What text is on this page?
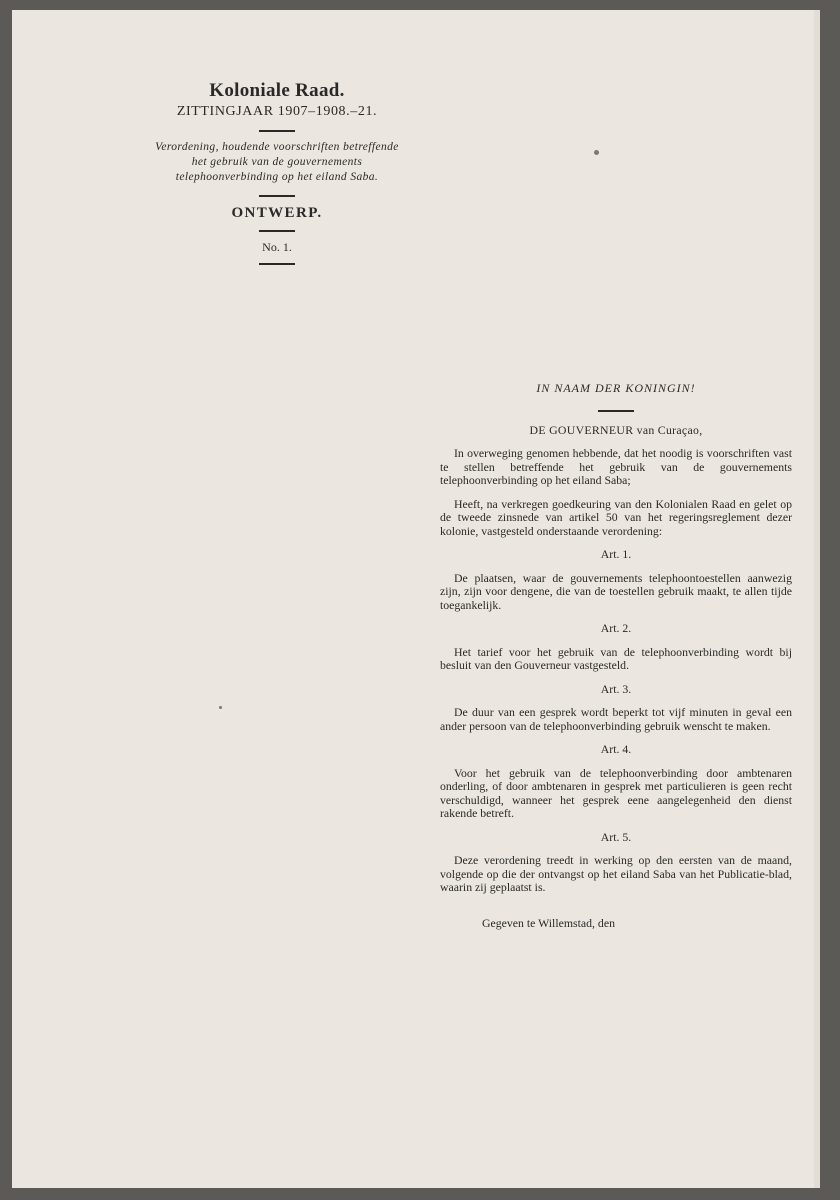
Koloniale Raad.
ZITTINGJAAR 1907–1908.–21.
Verordening, houdende voorschriften betreffende het gebruik van de gouvernements telephoonverbinding op het eiland Saba.
ONTWERP.
No. 1.
IN NAAM DER KONINGIN!
DE GOUVERNEUR van Curaçao,

In overweging genomen hebbende, dat het noodig is voorschriften vast te stellen betreffende het gebruik van de gouvernements telephoonverbinding op het eiland Saba;

Heeft, na verkregen goedkeuring van den Kolonialen Raad en gelet op de tweede zinsnede van artikel 50 van het regeringsreglement dezer kolonie, vastgesteld onderstaande verordening:

Art. 1.

De plaatsen, waar de gouvernements telephoontoestellen aanwezig zijn, zijn voor dengene, die van de toestellen gebruik maakt, te allen tijde toegankelijk.

Art. 2.

Het tarief voor het gebruik van de telephoonverbinding wordt bij besluit van den Gouverneur vastgesteld.

Art. 3.

De duur van een gesprek wordt beperkt tot vijf minuten in geval een ander persoon van de telephoonverbinding gebruik wenscht te maken.

Art. 4.

Voor het gebruik van de telephoonverbinding door ambtenaren onderling, of door ambtenaren in gesprek met particulieren is geen recht verschuldigd, wanneer het gesprek eene aangelegenheid den dienst rakende betreft.

Art. 5.

Deze verordening treedt in werking op den eersten van de maand, volgende op die der ontvangst op het eiland Saba van het Publicatie-blad, waarin zij geplaatst is.

Gegeven te Willemstad, den
